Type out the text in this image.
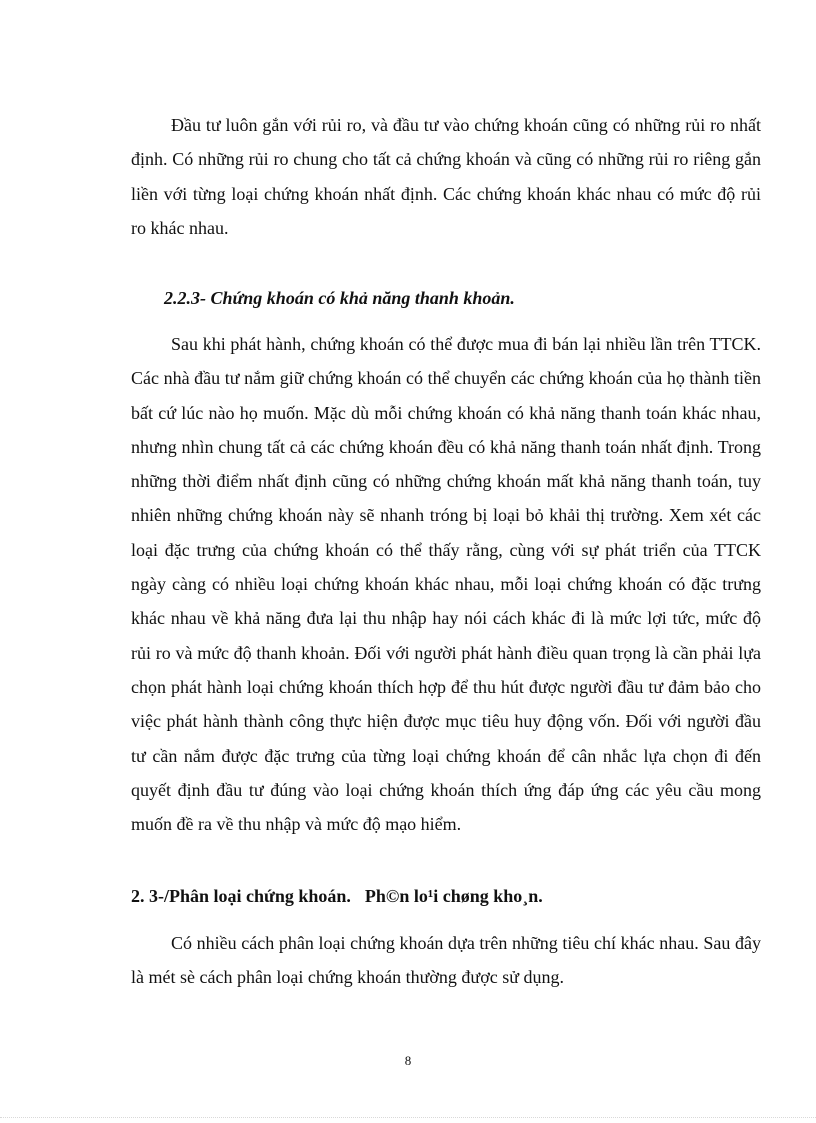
Đầu tư luôn gắn với rủi ro, và đầu tư vào chứng khoán cũng có những rủi ro nhất định. Có những rủi ro chung cho tất cả chứng khoán và cũng có những rủi ro riêng gắn liền với từng loại chứng khoán nhất định. Các chứng khoán khác nhau có mức độ rủi ro khác nhau.

2.2.3- Chứng khoán có khả năng thanh khoản.

Sau khi phát hành, chứng khoán có thể được mua đi bán lại nhiều lần trên TTCK. Các nhà đầu tư nắm giữ chứng khoán có thể chuyển các chứng khoán của họ thành tiền bất cứ lúc nào họ muốn. Mặc dù mỗi chứng khoán có khả năng thanh toán khác nhau, nhưng nhìn chung tất cả các chứng khoán đều có khả năng thanh toán nhất định. Trong những thời điểm nhất định cũng có những chứng khoán mất khả năng thanh toán, tuy nhiên những chứng khoán này sẽ nhanh tróng bị loại bỏ khải thị trường. Xem xét các loại đặc trưng của chứng khoán có thể thấy rằng, cùng với sự phát triển của TTCK ngày càng có nhiều loại chứng khoán khác nhau, mỗi loại chứng khoán có đặc trưng khác nhau về khả năng đưa lại thu nhập hay nói cách khác đi là mức lợi tức, mức độ rủi ro và mức độ thanh khoản. Đối với người phát hành điều quan trọng là cần phải lựa chọn phát hành loại chứng khoán thích hợp để thu hút được người đầu tư đảm bảo cho việc phát hành thành công thực hiện được mục tiêu huy động vốn. Đối với người đầu tư cần nắm được đặc trưng của từng loại chứng khoán để cân nhắc lựa chọn đi đến quyết định đầu tư đúng vào loại chứng khoán thích ứng đáp ứng các yêu cầu mong muốn đề ra về thu nhập và mức độ mạo hiểm.

2. 3-/Phân loại chứng khoán. Ph©n lo¹i chøng kho¸n.

Có nhiều cách phân loại chứng khoán dựa trên những tiêu chí khác nhau. Sau đây là mét sè cách phân loại chứng khoán thường được sử dụng.

8
